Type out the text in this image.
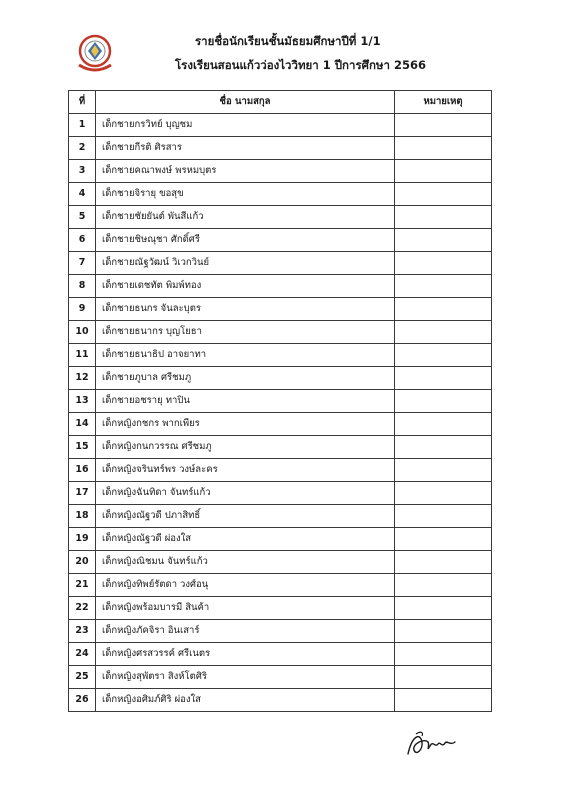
รายชื่อนักเรียนชั้นมัธยมศึกษาปีที่ 1/1
โรงเรียนสอนแก้วว่องไววิทยา 1 ปีการศึกษา 2566
ที่	ชื่อ นามสกุล	หมายเหตุ
1	เด็กชายกรวิทย์ บุญชม	
2	เด็กชายกีรติ ศิรสาร	
3	เด็กชายคณาพงษ์ พรหมบุตร	
4	เด็กชายจิรายุ ขอสุข	
5	เด็กชายชัยยันต์ พันสีแก้ว	
6	เด็กชายชิษณุชา ศักดิ์ศรี	
7	เด็กชายณัฐวัฒน์ วิเวกวินย์	
8	เด็กชายเดชทัต พิมพ์ทอง	
9	เด็กชายธนกร จันละบุตร	
10	เด็กชายธนากร บุญโยธา	
11	เด็กชายธนาธิป อาจยาทา	
12	เด็กชายภูบาล ศรีชมภู	
13	เด็กชายอชรายุ ทาปิน	
14	เด็กหญิงกชกร พากเพียร	
15	เด็กหญิงกนกวรรณ ศรีชมภู	
16	เด็กหญิงจรินทร์พร วงษ์ละคร	
17	เด็กหญิงฉันทิดา จันทร์แก้ว	
18	เด็กหญิงณัฐวดี ปภาสิทธิ์	
19	เด็กหญิงณัฐวดี ผ่องใส	
20	เด็กหญิงณิชมน จันทร์แก้ว	
21	เด็กหญิงทิพย์รัตดา วงศ์อนุ	
22	เด็กหญิงพร้อมบารมี สินค้า	
23	เด็กหญิงภัคจิรา อินเสาร์	
24	เด็กหญิงศรสวรรค์ ศรีเนตร	
25	เด็กหญิงสุพัตรา สิงห์โตศิริ	
26	เด็กหญิงอศิมภ์ศิริ ผ่องใส	
